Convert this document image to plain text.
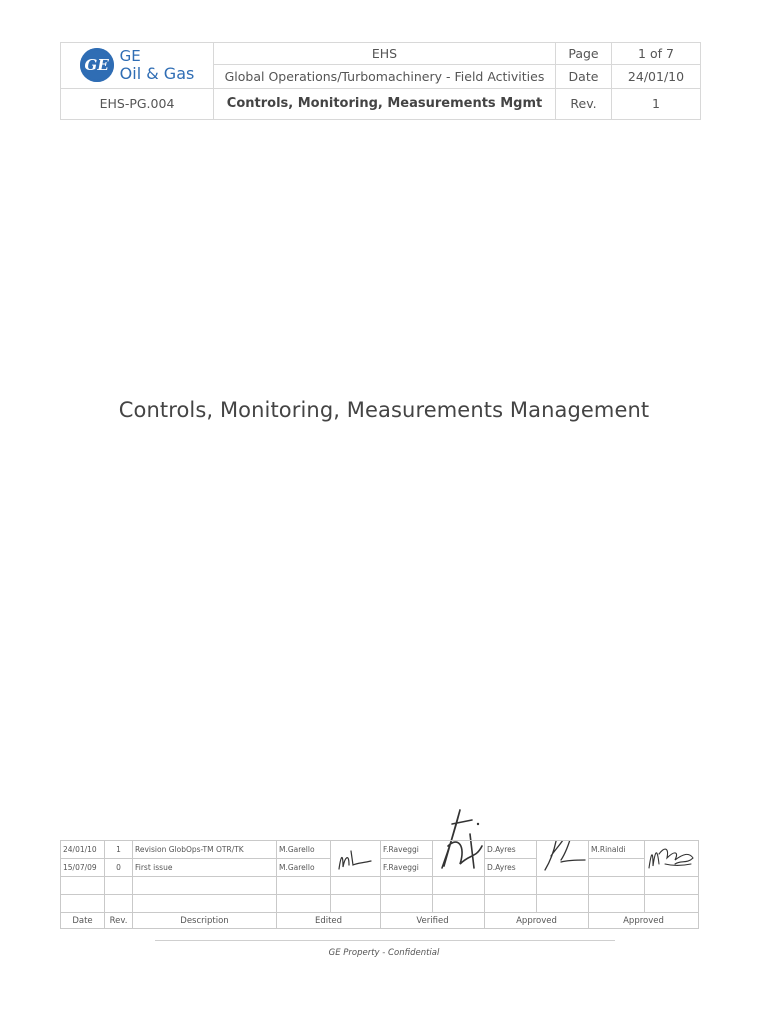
GE
GE
Oil & Gas	EHS	Page	1 of 7
	Global Operations/Turbomachinery - Field Activities	Date	24/01/10
EHS-PG.004	Controls, Monitoring, Measurements Mgmt	Rev.	1
Controls, Monitoring, Measurements Management
24/01/10	1	Revision GlobOps-TM OTR/TK	M.Garello		F.Raveggi		D.Ayres		M.Rinaldi	

15/07/09	0	First issue	M.Garello		F.Raveggi		D.Ayres			

Date	Rev.	Description	Edited		Verified		Approved		Approved	
GE Property - Confidential
